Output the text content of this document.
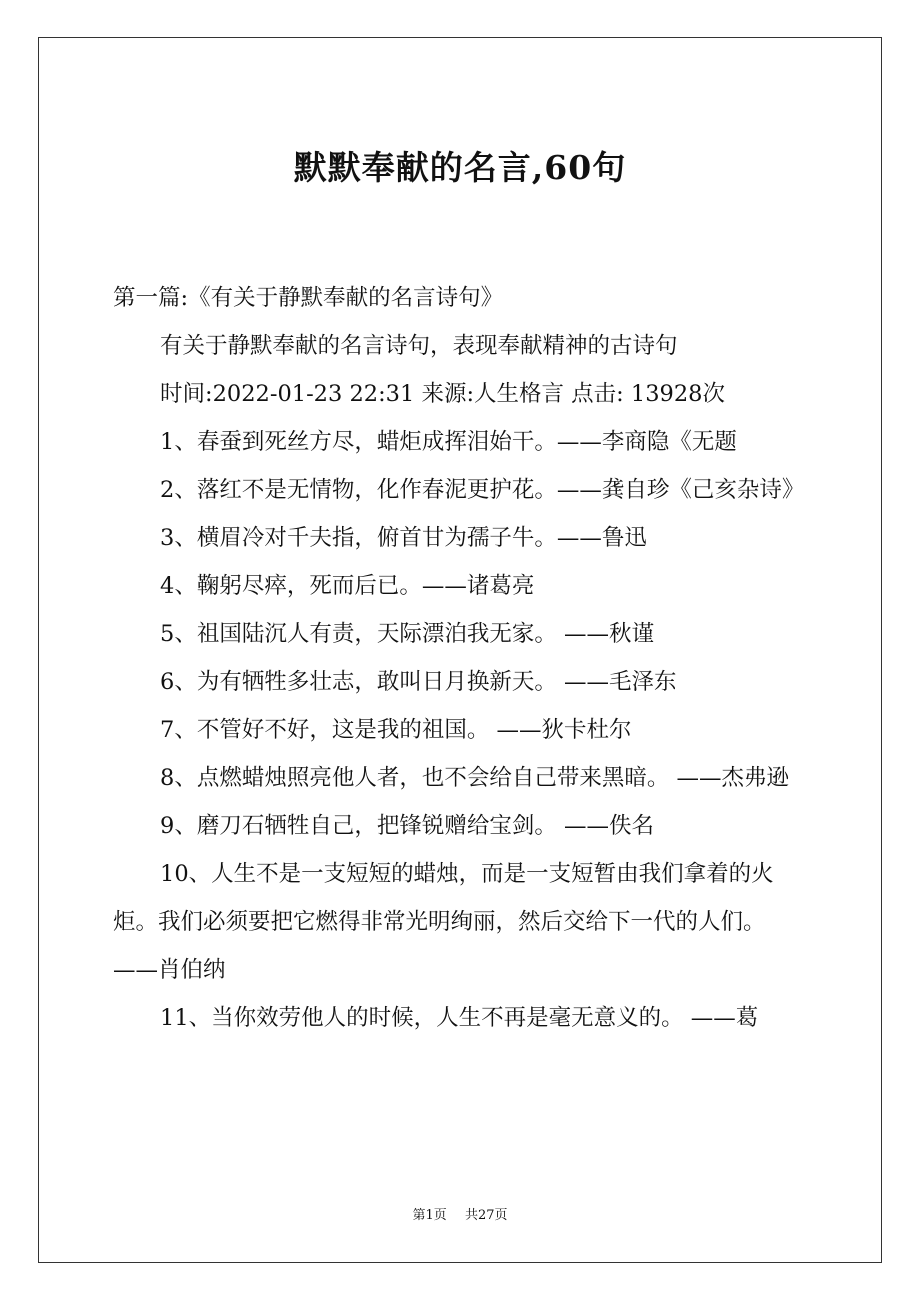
默默奉献的名言,60句

第一篇:《有关于静默奉献的名言诗句》

有关于静默奉献的名言诗句，表现奉献精神的古诗句

时间:2022-01-23 22:31 来源:人生格言 点击: 13928次

1、春蚕到死丝方尽，蜡炬成挥泪始干。——李商隐《无题

2、落红不是无情物，化作春泥更护花。——龚自珍《己亥杂诗》

3、横眉冷对千夫指，俯首甘为孺子牛。——鲁迅

4、鞠躬尽瘁，死而后已。——诸葛亮

5、祖国陆沉人有责，天际漂泊我无家。 ——秋谨

6、为有牺牲多壮志，敢叫日月换新天。 ——毛泽东

7、不管好不好，这是我的祖国。 ——狄卡杜尔

8、点燃蜡烛照亮他人者，也不会给自己带来黑暗。 ——杰弗逊

9、磨刀石牺牲自己，把锋锐赠给宝剑。 ——佚名

10、人生不是一支短短的蜡烛，而是一支短暂由我们拿着的火炬。我们必须要把它燃得非常光明绚丽，然后交给下一代的人们。 ——肖伯纳

11、当你效劳他人的时候，人生不再是毫无意义的。 ——葛

第1页 共27页
